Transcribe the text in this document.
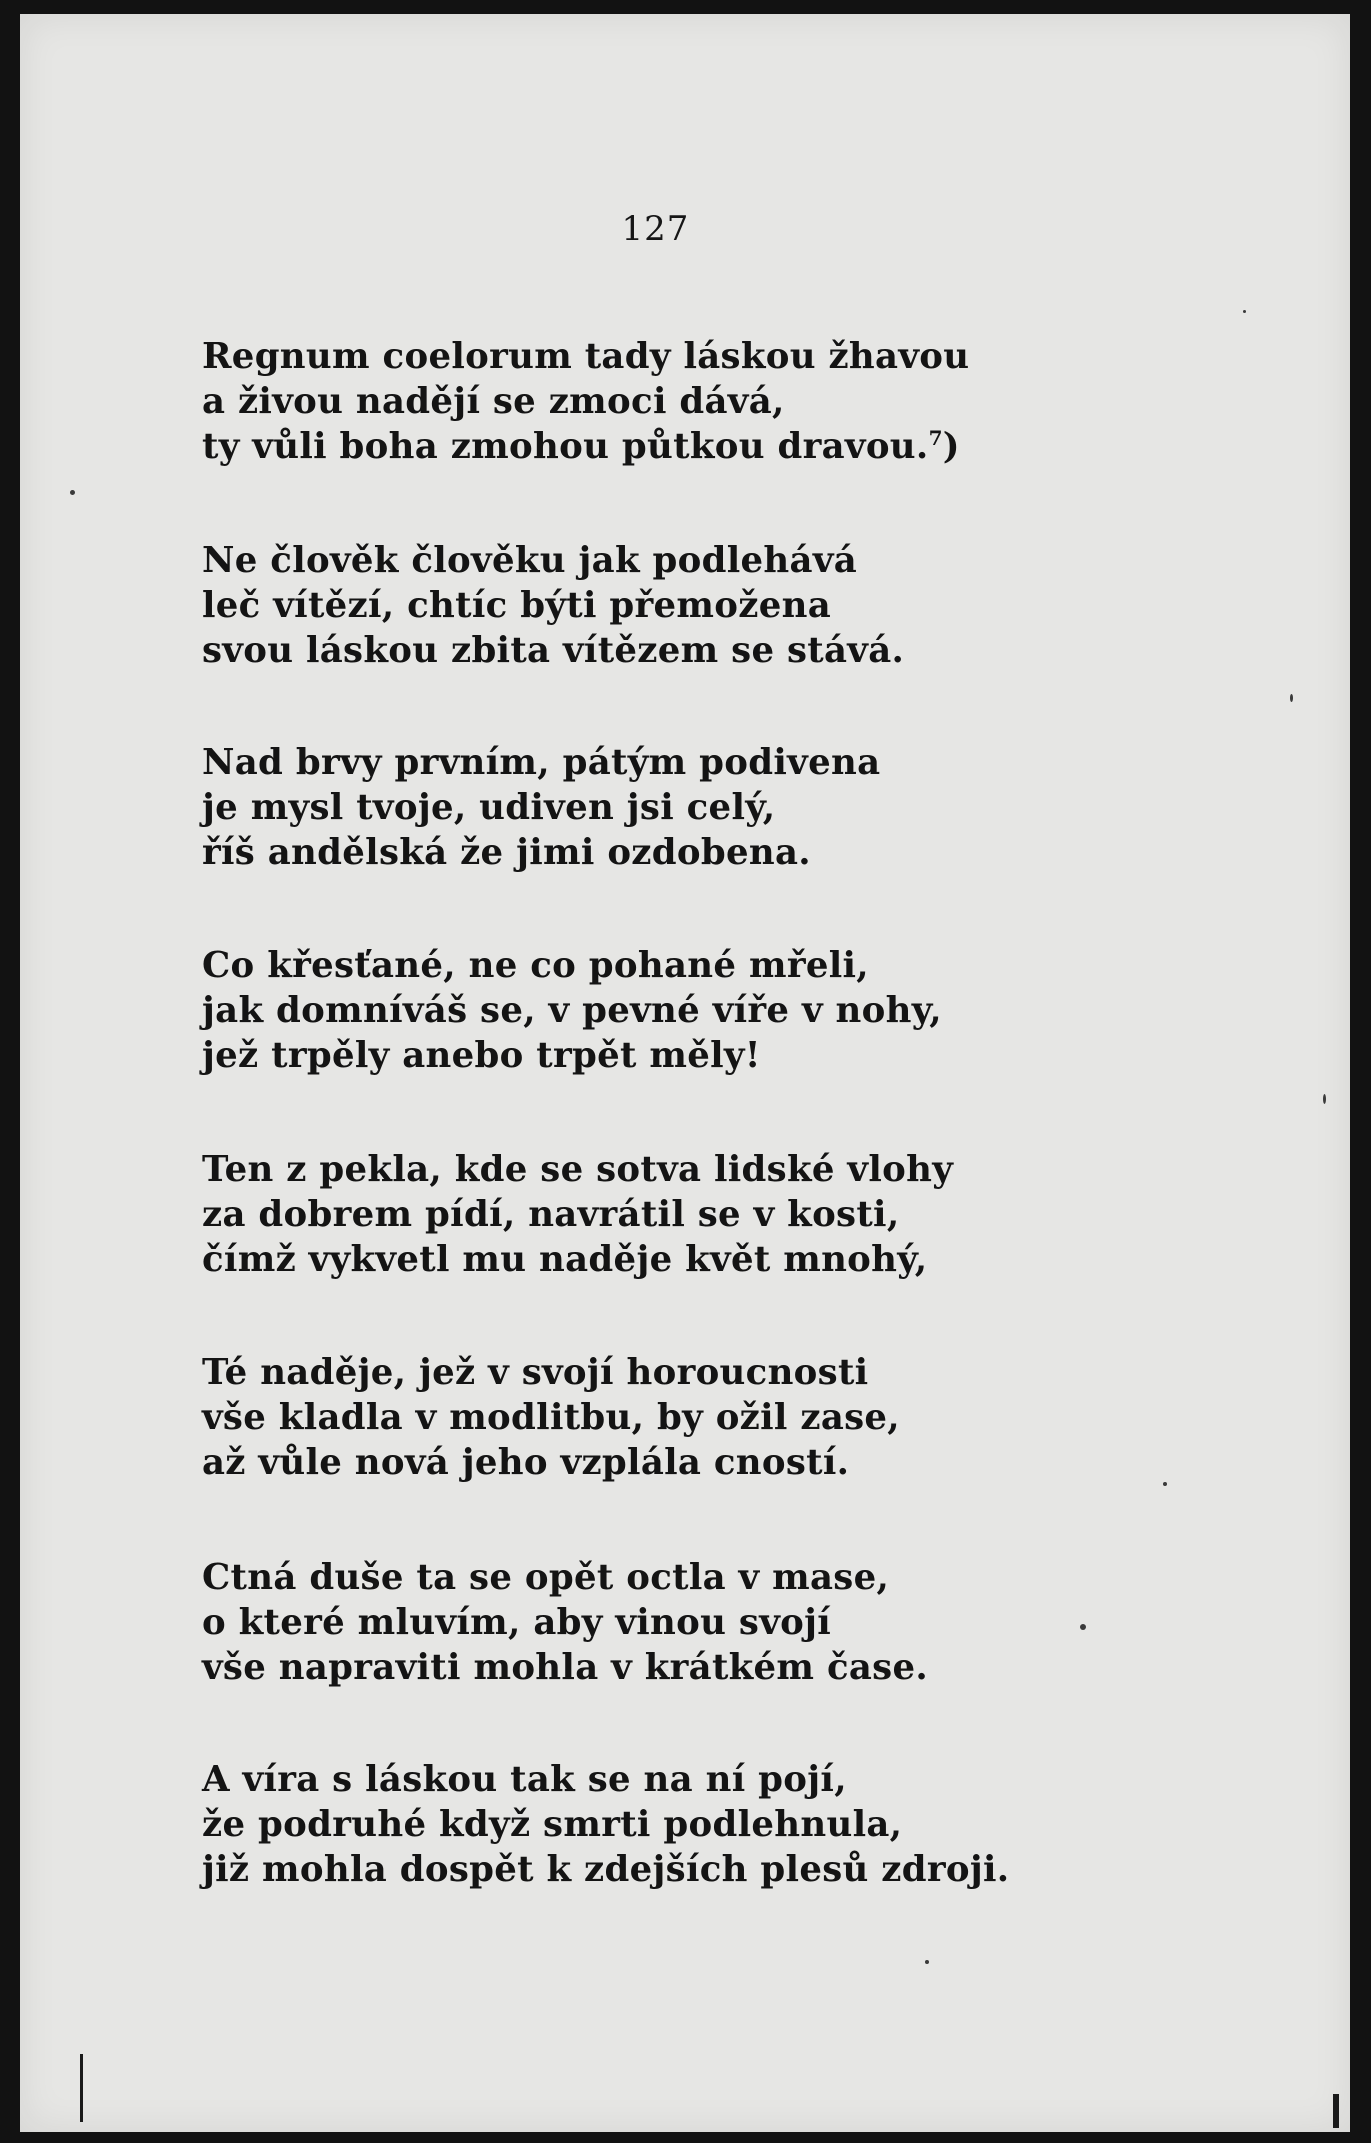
127
Regnum coelorum tady láskou žhavou
a živou nadějí se zmoci dává,
ty vůli boha zmohou půtkou dravou.$^7$)
Ne člověk člověku jak podlehává
leč vítězí, chtíc býti přemožena
svou láskou zbita vítězem se stává.
Nad brvy prvním, pátým podivena
je mysl tvoje, udiven jsi celý,
říš andělská že jimi ozdobena.
Co křesťané, ne co pohané mřeli,
jak domníváš se, v pevné víře v nohy,
jež trpěly anebo trpět měly!
Ten z pekla, kde se sotva lidské vlohy
za dobrem pídí, navrátil se v kosti,
čímž vykvetl mu naděje květ mnohý,
Té naděje, jež v svojí horoucnosti
vše kladla v modlitbu, by ožil zase,
až vůle nová jeho vzplála cností.
Ctná duše ta se opět octla v mase,
o které mluvím, aby vinou svojí
vše napraviti mohla v krátkém čase.
A víra s láskou tak se na ní pojí,
že podruhé když smrti podlehnula,
již mohla dospět k zdejších plesů zdroji.
